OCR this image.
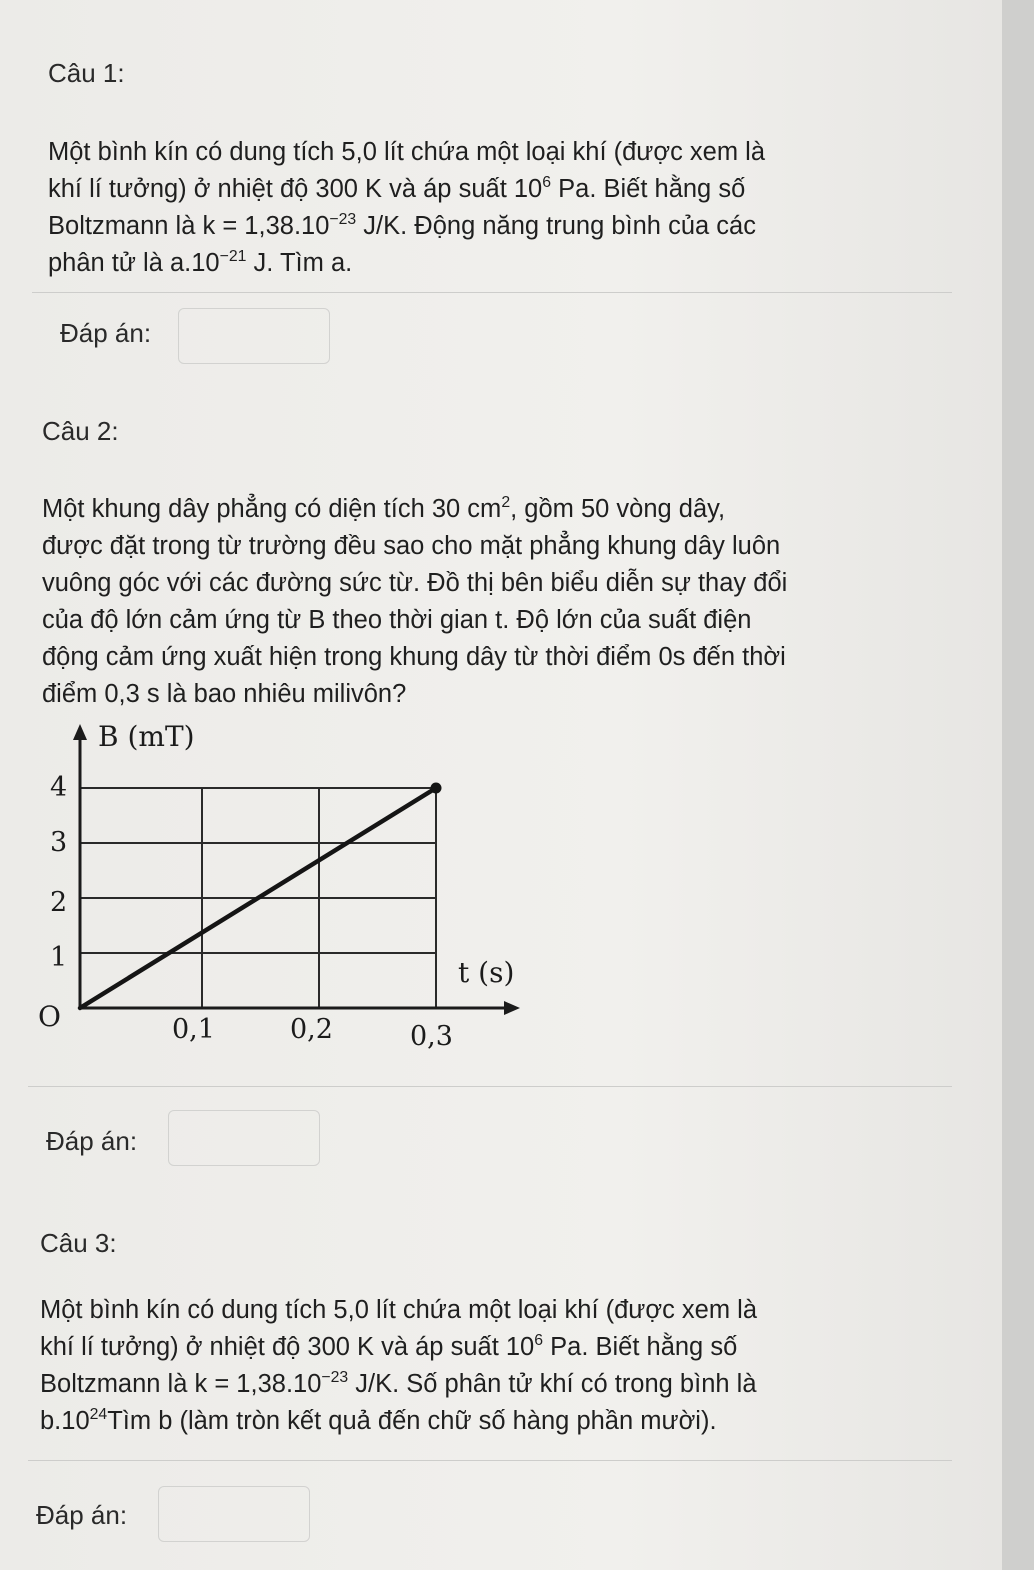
Câu 1:
Một bình kín có dung tích 5,0 lít chứa một loại khí (được xem là
khí lí tưởng) ở nhiệt độ 300 K và áp suất $10^6$ Pa. Biết hằng số
Boltzmann là $k = 1,38.10^{-23}$ J/K. Động năng trung bình của các
phân tử là $a.10^{-21}$ J. Tìm a.
Đáp án:
Câu 2:
Một khung dây phẳng có diện tích 30 $cm^2$, gồm 50 vòng dây,
được đặt trong từ trường đều sao cho mặt phẳng khung dây luôn
vuông góc với các đường sức từ. Đồ thị bên biểu diễn sự thay đổi
của độ lớn cảm ứng từ B theo thời gian t. Độ lớn của suất điện
động cảm ứng xuất hiện trong khung dây từ thời điểm 0s đến thời
điểm 0,3 s là bao nhiêu milivôn?
B (mT)
t (s)
O
1
2
3
4
0,1	0,2	0,3
Đáp án:
Câu 3:
Một bình kín có dung tích 5,0 lít chứa một loại khí (được xem là
khí lí tưởng) ở nhiệt độ 300 K và áp suất $10^6$ Pa. Biết hằng số
Boltzmann là $k = 1,38.10^{-23}$ J/K. Số phân tử khí có trong bình là
$b.10^{24}Tìm$ b (làm tròn kết quả đến chữ số hàng phần mười).
Đáp án:
